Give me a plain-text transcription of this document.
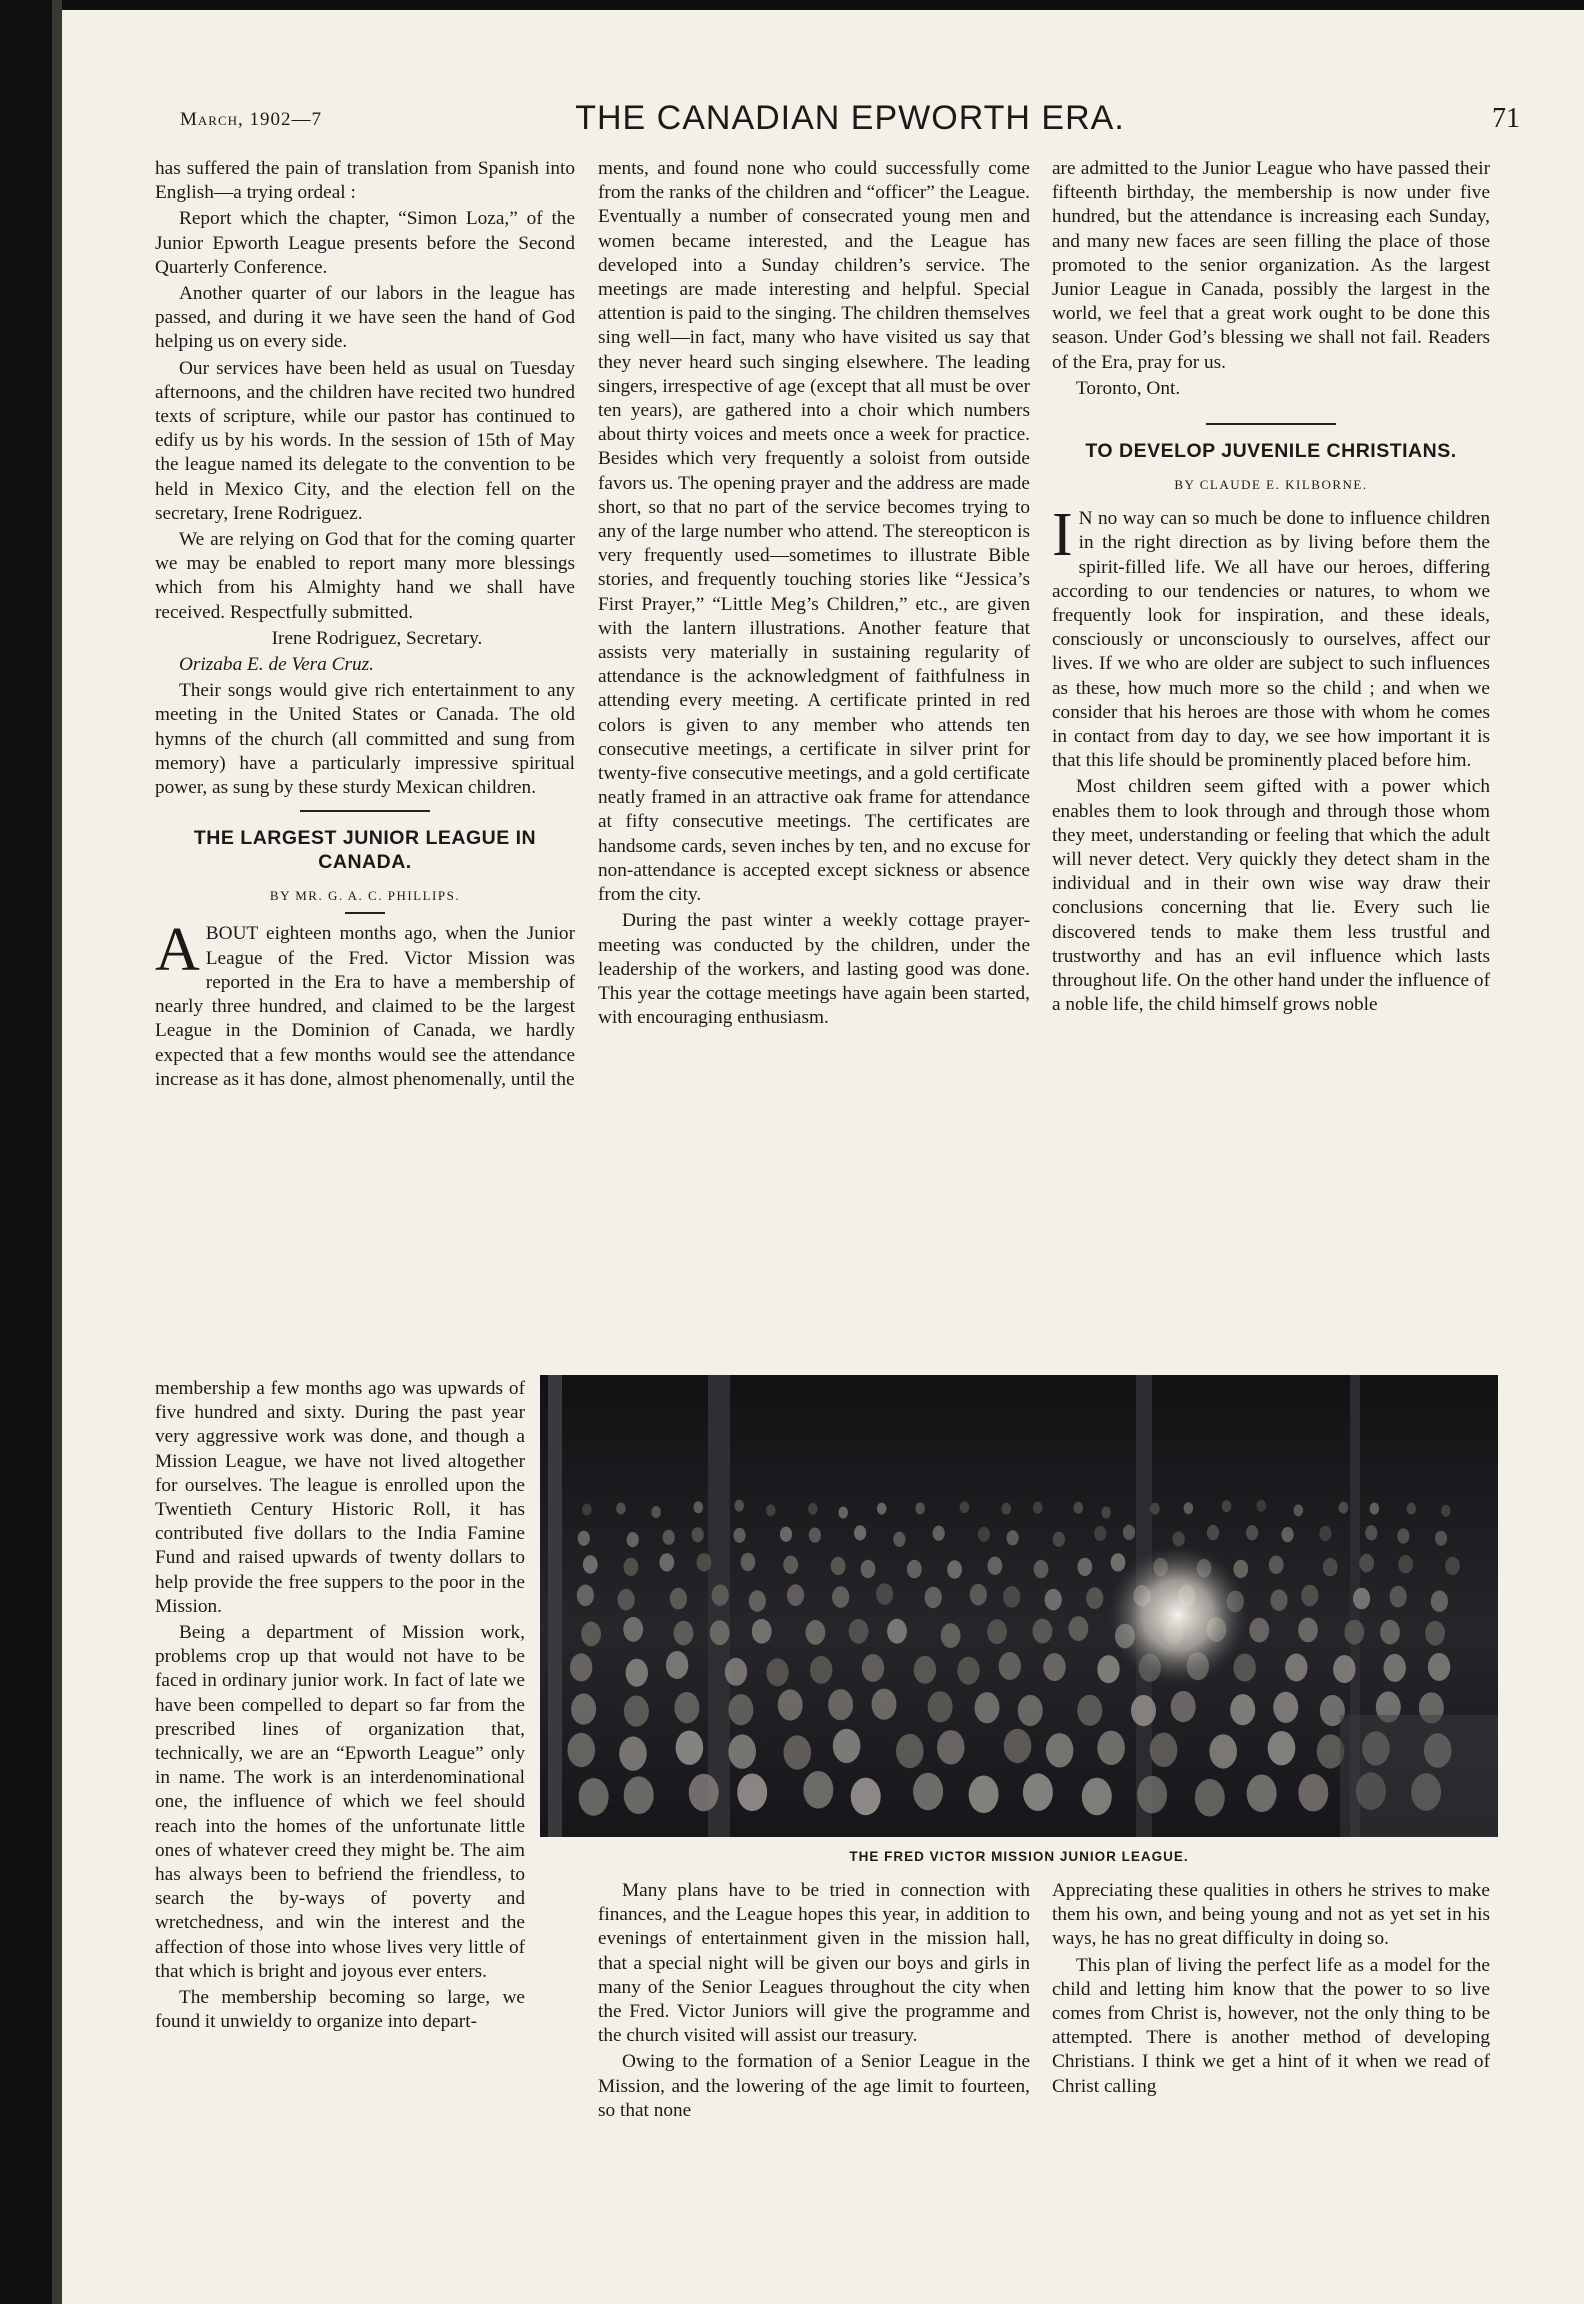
March, 1902—7	THE CANADIAN EPWORTH ERA.	71

has suffered the pain of translation from Spanish into English—a trying ordeal :

Report which the chapter, “Simon Loza,” of the Junior Epworth League presents before the Second Quarterly Conference.

Another quarter of our labors in the league has passed, and during it we have seen the hand of God helping us on every side.

Our services have been held as usual on Tuesday afternoons, and the children have recited two hundred texts of scripture, while our pastor has continued to edify us by his words. In the session of 15th of May the league named its delegate to the convention to be held in Mexico City, and the election fell on the secretary, Irene Rodriguez.

We are relying on God that for the coming quarter we may be enabled to report many more blessings which from his Almighty hand we shall have received. Respectfully submitted.

Irene Rodriguez, Secretary.

Orizaba E. de Vera Cruz.

Their songs would give rich entertainment to any meeting in the United States or Canada. The old hymns of the church (all committed and sung from memory) have a particularly impressive spiritual power, as sung by these sturdy Mexican children.

THE LARGEST JUNIOR LEAGUE IN CANADA.
BY MR. G. A. C. PHILLIPS.

ABOUT eighteen months ago, when the Junior League of the Fred. Victor Mission was reported in the Era to have a membership of nearly three hundred, and claimed to be the largest League in the Dominion of Canada, we hardly expected that a few months would see the attendance increase as it has done, almost phenomenally, until the

membership a few months ago was upwards of five hundred and sixty. During the past year very aggressive work was done, and though a Mission League, we have not lived altogether for ourselves. The league is enrolled upon the Twentieth Century Historic Roll, it has contributed five dollars to the India Famine Fund and raised upwards of twenty dollars to help provide the free suppers to the poor in the Mission.

Being a department of Mission work, problems crop up that would not have to be faced in ordinary junior work. In fact of late we have been compelled to depart so far from the prescribed lines of organization that, technically, we are an “Epworth League” only in name. The work is an interdenominational one, the influence of which we feel should reach into the homes of the unfortunate little ones of whatever creed they might be. The aim has always been to befriend the friendless, to search the by-ways of poverty and wretchedness, and win the interest and the affection of those into whose lives very little of that which is bright and joyous ever enters.

The membership becoming so large, we found it unwieldy to organize into depart-

ments, and found none who could successfully come from the ranks of the children and “officer” the League. Eventually a number of consecrated young men and women became interested, and the League has developed into a Sunday children’s service. The meetings are made interesting and helpful. Special attention is paid to the singing. The children themselves sing well—in fact, many who have visited us say that they never heard such singing elsewhere. The leading singers, irrespective of age (except that all must be over ten years), are gathered into a choir which numbers about thirty voices and meets once a week for practice. Besides which very frequently a soloist from outside favors us. The opening prayer and the address are made short, so that no part of the service becomes trying to any of the large number who attend. The stereopticon is very frequently used—sometimes to illustrate Bible stories, and frequently touching stories like “Jessica’s First Prayer,” “Little Meg’s Children,” etc., are given with the lantern illustrations. Another feature that assists very materially in sustaining regularity of attendance is the acknowledgment of faithfulness in attending every meeting. A certificate printed in red colors is given to any member who attends ten consecutive meetings, a certificate in silver print for twenty-five consecutive meetings, and a gold certificate neatly framed in an attractive oak frame for attendance at fifty consecutive meetings. The certificates are handsome cards, seven inches by ten, and no excuse for non-attendance is accepted except sickness or absence from the city.

During the past winter a weekly cottage prayer-meeting was conducted by the children, under the leadership of the workers, and lasting good was done. This year the cottage meetings have again been started, with encouraging enthusiasm.

are admitted to the Junior League who have passed their fifteenth birthday, the membership is now under five hundred, but the attendance is increasing each Sunday, and many new faces are seen filling the place of those promoted to the senior organization. As the largest Junior League in Canada, possibly the largest in the world, we feel that a great work ought to be done this season. Under God’s blessing we shall not fail. Readers of the Era, pray for us.

Toronto, Ont.

TO DEVELOP JUVENILE CHRISTIANS.
BY CLAUDE E. KILBORNE.

I N no way can so much be done to influence children in the right direction as by living before them the spirit-filled life. We all have our heroes, differing according to our tendencies or natures, to whom we frequently look for inspiration, and these ideals, consciously or unconsciously to ourselves, affect our lives. If we who are older are subject to such influences as these, how much more so the child ; and when we consider that his heroes are those with whom he comes in contact from day to day, we see how important it is that this life should be prominently placed before him.

Most children seem gifted with a power which enables them to look through and through those whom they meet, understanding or feeling that which the adult will never detect. Very quickly they detect sham in the individual and in their own wise way draw their conclusions concerning that lie. Every such lie discovered tends to make them less trustful and trustworthy and has an evil influence which lasts throughout life. On the other hand under the influence of a noble life, the child himself grows noble

THE FRED VICTOR MISSION JUNIOR LEAGUE.

Many plans have to be tried in connection with finances, and the League hopes this year, in addition to evenings of entertainment given in the mission hall, that a special night will be given our boys and girls in many of the Senior Leagues throughout the city when the Fred. Victor Juniors will give the programme and the church visited will assist our treasury.

Owing to the formation of a Senior League in the Mission, and the lowering of the age limit to fourteen, so that none

Appreciating these qualities in others he strives to make them his own, and being young and not as yet set in his ways, he has no great difficulty in doing so.

This plan of living the perfect life as a model for the child and letting him know that the power to so live comes from Christ is, however, not the only thing to be attempted. There is another method of developing Christians. I think we get a hint of it when we read of Christ calling
